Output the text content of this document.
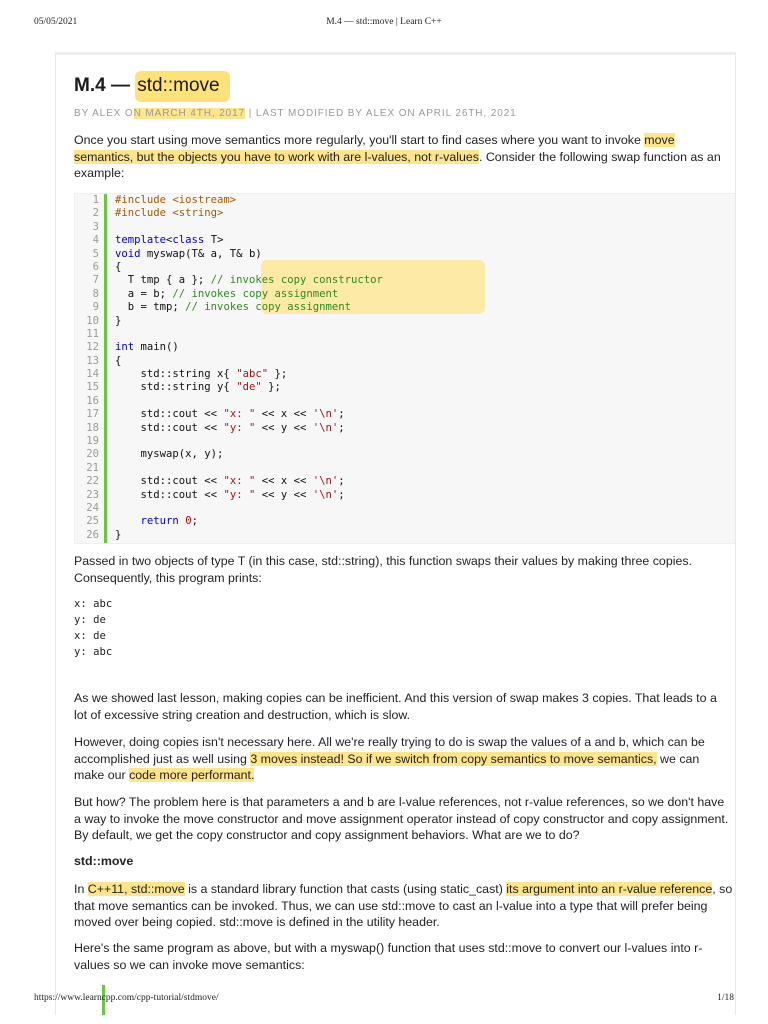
05/05/2021	M.4 — std::move | Learn C++
M.4 — std::move
BY ALEX ON MARCH 4TH, 2017 | LAST MODIFIED BY ALEX ON APRIL 26TH, 2021

Once you start using move semantics more regularly, you'll start to find cases where you want to invoke move semantics, but the objects you have to work with are l-values, not r-values. Consider the following swap function as an example:

1
2
3
4
5
6
7
8
9
10
11
12
13
14
15
16
17
18
19
20
21
22
23
24
25
26
#include <iostream>
#include <string>

template<class T>
void myswap(T& a, T& b)
{
T tmp { a }; // invokes copy constructor
a = b; // invokes copy assignment
b = tmp; // invokes copy assignment
}

int main()
{
std::string x{ "abc" };
std::string y{ "de" };

std::cout << "x: " << x << '\n';
std::cout << "y: " << y << '\n';

myswap(x, y);

std::cout << "x: " << x << '\n';
std::cout << "y: " << y << '\n';

return 0;
}

Passed in two objects of type T (in this case, std::string), this function swaps their values by making three copies. Consequently, this program prints:

x: abc
y: de
x: de
y: abc

As we showed last lesson, making copies can be inefficient. And this version of swap makes 3 copies. That leads to a lot of excessive string creation and destruction, which is slow.

However, doing copies isn't necessary here. All we're really trying to do is swap the values of a and b, which can be accomplished just as well using 3 moves instead! So if we switch from copy semantics to move semantics, we can make our code more performant.

But how? The problem here is that parameters a and b are l-value references, not r-value references, so we don't have a way to invoke the move constructor and move assignment operator instead of copy constructor and copy assignment. By default, we get the copy constructor and copy assignment behaviors. What are we to do?

std::move

In C++11, std::move is a standard library function that casts (using static_cast) its argument into an r-value reference, so that move semantics can be invoked. Thus, we can use std::move to cast an l-value into a type that will prefer being moved over being copied. std::move is defined in the utility header.

Here's the same program as above, but with a myswap() function that uses std::move to convert our l-values into r-values so we can invoke move semantics:

https://www.learncpp.com/cpp-tutorial/stdmove/	1/18
